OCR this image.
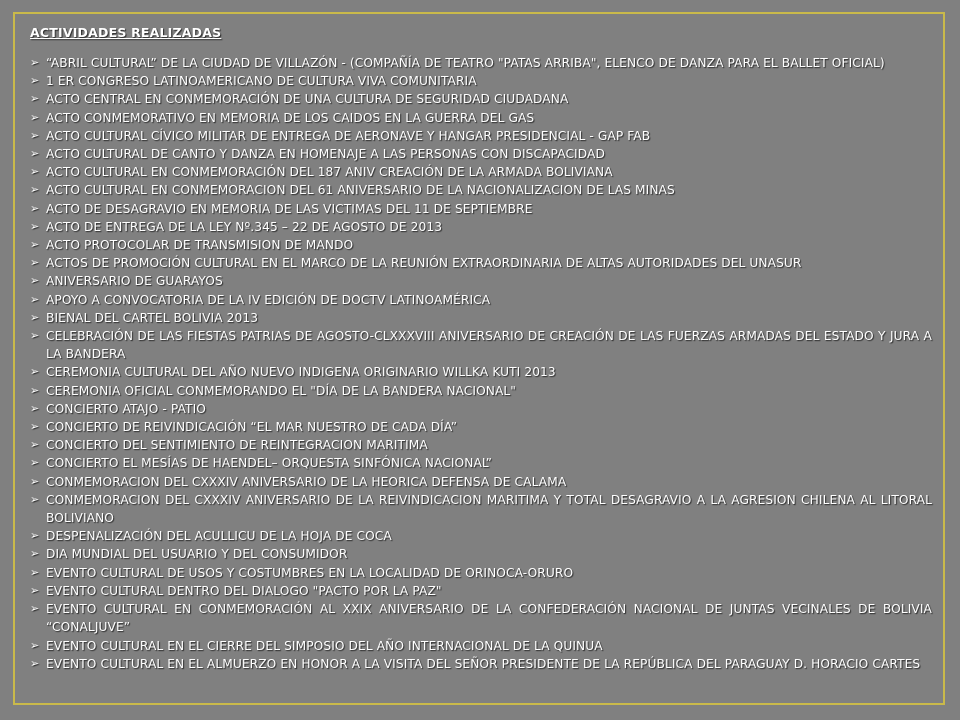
ACTIVIDADES REALIZADAS
➢ “ABRIL CULTURAL” DE LA CIUDAD DE VILLAZÓN - (COMPAÑÍA DE TEATRO "PATAS ARRIBA", ELENCO DE DANZA PARA EL BALLET OFICIAL)
➢ 1 ER CONGRESO LATINOAMERICANO DE CULTURA VIVA COMUNITARIA
➢ ACTO CENTRAL EN CONMEMORACIÓN DE UNA CULTURA DE SEGURIDAD CIUDADANA
➢ ACTO CONMEMORATIVO EN MEMORIA DE LOS CAIDOS EN LA GUERRA DEL GAS
➢ ACTO CULTURAL CÍVICO MILITAR DE ENTREGA DE AERONAVE Y HANGAR PRESIDENCIAL - GAP FAB
➢ ACTO CULTURAL DE CANTO Y DANZA EN HOMENAJE A LAS PERSONAS CON DISCAPACIDAD
➢ ACTO CULTURAL EN CONMEMORACIÓN DEL 187 ANIV CREACIÓN DE LA ARMADA BOLIVIANA
➢ ACTO CULTURAL EN CONMEMORACION DEL 61 ANIVERSARIO DE LA NACIONALIZACION DE LAS MINAS
➢ ACTO DE DESAGRAVIO EN MEMORIA DE LAS VICTIMAS DEL 11 DE SEPTIEMBRE
➢ ACTO DE ENTREGA DE LA LEY Nº.345 – 22 DE AGOSTO DE 2013
➢ ACTO PROTOCOLAR DE TRANSMISION DE MANDO
➢ ACTOS DE PROMOCIÓN CULTURAL EN EL MARCO DE LA REUNIÓN EXTRAORDINARIA DE ALTAS AUTORIDADES DEL UNASUR
➢ ANIVERSARIO DE GUARAYOS
➢ APOYO A CONVOCATORIA DE LA IV EDICIÓN DE DOCTV LATINOAMÉRICA
➢ BIENAL DEL CARTEL BOLIVIA 2013
➢ CELEBRACIÓN DE LAS FIESTAS PATRIAS DE AGOSTO-CLXXXVIII ANIVERSARIO DE CREACIÓN DE LAS FUERZAS ARMADAS DEL ESTADO Y JURA A LA BANDERA
➢ CEREMONIA CULTURAL DEL AÑO NUEVO INDIGENA ORIGINARIO WILLKA KUTI 2013
➢ CEREMONIA OFICIAL CONMEMORANDO EL "DÍA DE LA BANDERA NACIONAL"
➢ CONCIERTO ATAJO - PATIO
➢ CONCIERTO DE REIVINDICACIÓN “EL MAR NUESTRO DE CADA DÍA”
➢ CONCIERTO DEL SENTIMIENTO DE REINTEGRACION MARITIMA
➢ CONCIERTO EL MESÍAS DE HAENDEL– ORQUESTA SINFÓNICA NACIONAL”
➢ CONMEMORACION DEL CXXXIV ANIVERSARIO DE LA HEORICA DEFENSA DE CALAMA
➢ CONMEMORACION DEL CXXXIV ANIVERSARIO DE LA REIVINDICACION MARITIMA Y TOTAL DESAGRAVIO A LA AGRESION CHILENA AL LITORAL BOLIVIANO
➢ DESPENALIZACIÓN DEL ACULLICU DE LA HOJA DE COCA
➢ DIA MUNDIAL DEL USUARIO Y DEL CONSUMIDOR
➢ EVENTO CULTURAL DE USOS Y COSTUMBRES EN LA LOCALIDAD DE ORINOCA-ORURO
➢ EVENTO CULTURAL DENTRO DEL DIALOGO "PACTO POR LA PAZ"
➢ EVENTO CULTURAL EN CONMEMORACIÓN AL XXIX ANIVERSARIO DE LA CONFEDERACIÓN NACIONAL DE JUNTAS VECINALES DE BOLIVIA “CONALJUVE”
➢ EVENTO CULTURAL EN EL CIERRE DEL SIMPOSIO DEL AÑO INTERNACIONAL DE LA QUINUA
➢ EVENTO CULTURAL EN EL ALMUERZO EN HONOR A LA VISITA DEL SEÑOR PRESIDENTE DE LA REPÚBLICA DEL PARAGUAY D. HORACIO CARTES
